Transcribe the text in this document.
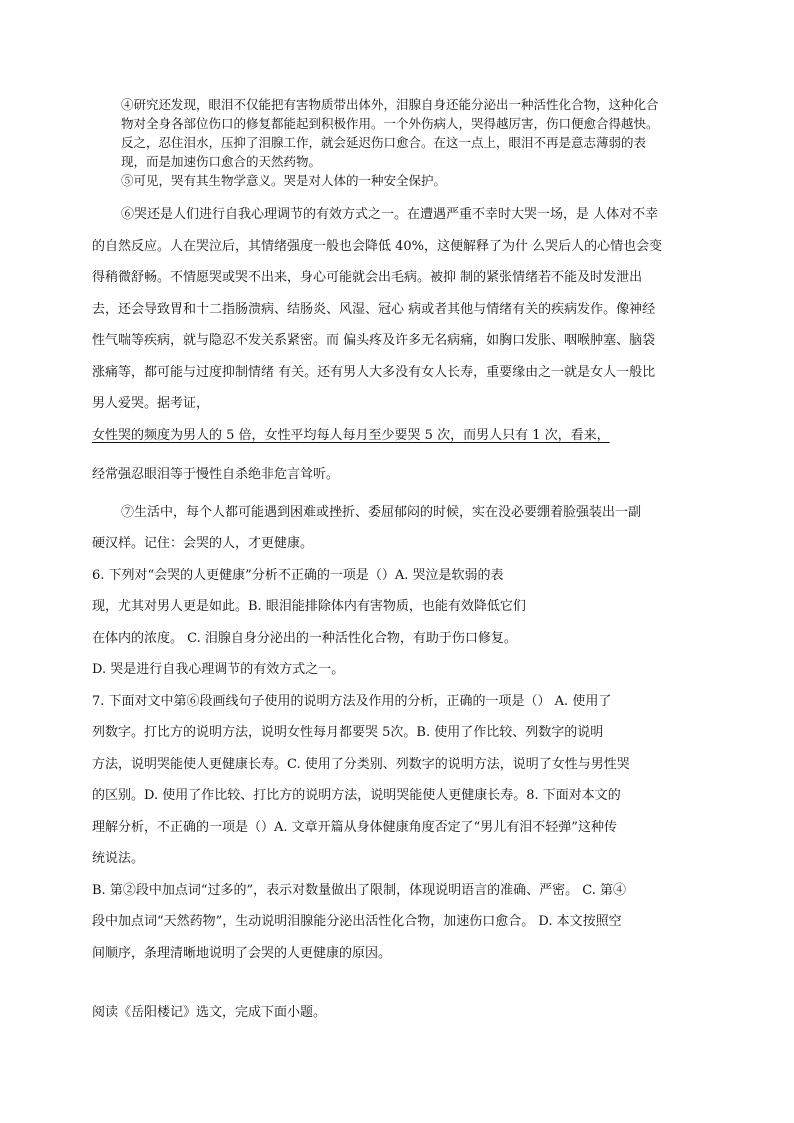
④研究还发现，眼泪不仅能把有害物质带出体外，泪腺自身还能分泌出一种活性化合物，这种化合
物对全身各部位伤口的修复都能起到积极作用。一个外伤病人，哭得越厉害，伤口便愈合得越快。
反之，忍住泪水，压抑了泪腺工作，就会延迟伤口愈合。在这一点上，眼泪不再是意志薄弱的表
现，而是加速伤口愈合的天然药物。
⑤可见，哭有其生物学意义。哭是对人体的一种安全保护。
⑥哭还是人们进行自我心理调节的有效方式之一。在遭遇严重不幸时大哭一场，是 人体对不幸
的自然反应。人在哭泣后，其情绪强度一般也会降低 40%，这便解释了为什 么哭后人的心情也会变
得稍微舒畅。不情愿哭或哭不出来，身心可能就会出毛病。被抑 制的紧张情绪若不能及时发泄出
去，还会导致胃和十二指肠溃病、结肠炎、风湿、冠心 病或者其他与情绪有关的疾病发作。像神经
性气喘等疾病，就与隐忍不发关系紧密。而 偏头疼及许多无名病痛，如胸口发胀、咽喉肿塞、脑袋
涨痛等，都可能与过度抑制情绪 有关。还有男人大多没有女人长寿，重要缘由之一就是女人一般比
男人爱哭。据考证，
女性哭的频度为男人的 5 倍，女性平均每人每月至少要哭 5 次，而男人只有 1 次，看来，
经常强忍眼泪等于慢性自杀绝非危言耸听。
⑦生活中，每个人都可能遇到困难或挫折、委屈郁闷的时候，实在没必要绷着脸强装出一副
硬汉样。记住：会哭的人，才更健康。
6. 下列对“会哭的人更健康”分析不正确的一项是（）A. 哭泣是软弱的表
现，尤其对男人更是如此。B. 眼泪能排除体内有害物质，也能有效降低它们
在体内的浓度。 C. 泪腺自身分泌出的一种活性化合物，有助于伤口修复。
D. 哭是进行自我心理调节的有效方式之一。
7. 下面对文中第⑥段画线句子使用的说明方法及作用的分析，正确的一项是（） A. 使用了
列数字。打比方的说明方法，说明女性每月都要哭 5次。B. 使用了作比较、列数字的说明
方法，说明哭能使人更健康长寿。C. 使用了分类别、列数字的说明方法，说明了女性与男性哭
的区别。D. 使用了作比较、打比方的说明方法，说明哭能使人更健康长寿。8. 下面对本文的
理解分析，不正确的一项是（）A. 文章开篇从身体健康角度否定了“男儿有泪不轻弹”这种传
统说法。
B. 第②段中加点词“过多的”，表示对数量做出了限制，体现说明语言的准确、严密。 C. 第④
段中加点词“天然药物”，生动说明泪腺能分泌出活性化合物，加速伤口愈合。 D. 本文按照空
间顺序，条理清晰地说明了会哭的人更健康的原因。
阅读《岳阳楼记》选文，完成下面小题。
